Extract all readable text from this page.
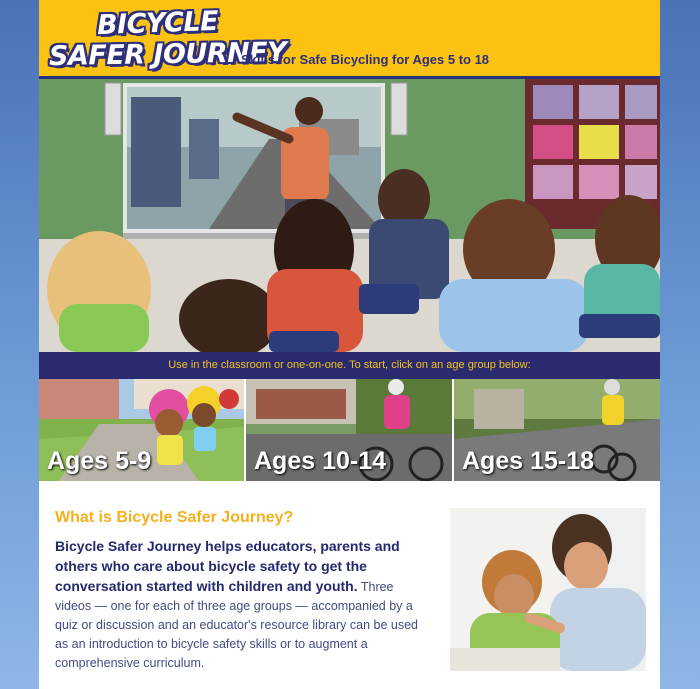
BICYCLE
SAFER JOURNEY
Skills for Safe Bicycling for Ages 5 to 18
Use in the classroom or one-on-one. To start, click on an age group below:
Ages 5-9	Ages 10-14	Ages 15-18
What is Bicycle Safer Journey?

Bicycle Safer Journey helps educators, parents and others who care about bicycle safety to get the conversation started with children and youth. Three videos — one for each of three age groups — accompanied by a quiz or discussion and an educator's resource library can be used as an introduction to bicycle safety skills or to augment a comprehensive curriculum.
